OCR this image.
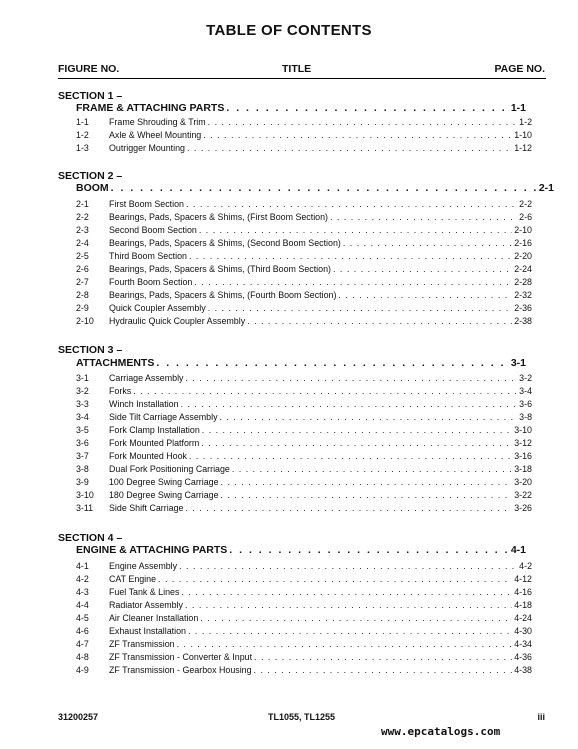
TABLE OF CONTENTS
FIGURE NO.	TITLE	PAGE NO.
SECTION 1 –
FRAME & ATTACHING PARTS . . .	1-1
1-1 Frame Shrouding & Trim . . .	1-2
1-2 Axle & Wheel Mounting . . .	1-10
1-3 Outrigger Mounting . . .	1-12
SECTION 2 –
BOOM . . .	2-1
2-1 First Boom Section . . .	2-2
2-2 Bearings, Pads, Spacers & Shims, (First Boom Section) . . .	2-6
2-3 Second Boom Section . . .	2-10
2-4 Bearings, Pads, Spacers & Shims, (Second Boom Section) . . .	2-16
2-5 Third Boom Section . . .	2-20
2-6 Bearings, Pads, Spacers & Shims, (Third Boom Section) . . .	2-24
2-7 Fourth Boom Section . . .	2-28
2-8 Bearings, Pads, Spacers & Shims, (Fourth Boom Section) . . .	2-32
2-9 Quick Coupler Assembly . . .	2-36
2-10 Hydraulic Quick Coupler Assembly . . .	2-38
SECTION 3 –
ATTACHMENTS . . .	3-1
3-1 Carriage Assembly . . .	3-2
3-2 Forks . . .	3-4
3-3 Winch Installation . . .	3-6
3-4 Side Tilt Carriage Assembly . . .	3-8
3-5 Fork Clamp Installation . . .	3-10
3-6 Fork Mounted Platform . . .	3-12
3-7 Fork Mounted Hook . . .	3-16
3-8 Dual Fork Positioning Carriage . . .	3-18
3-9 100 Degree Swing Carriage . . .	3-20
3-10 180 Degree Swing Carriage . . .	3-22
3-11 Side Shift Carriage . . .	3-26
SECTION 4 –
ENGINE & ATTACHING PARTS . . .	4-1
4-1 Engine Assembly . . .	4-2
4-2 CAT Engine . . .	4-12
4-3 Fuel Tank & Lines . . .	4-16
4-4 Radiator Assembly . . .	4-18
4-5 Air Cleaner Installation . . .	4-24
4-6 Exhaust Installation . . .	4-30
4-7 ZF Transmission . . .	4-34
4-8 ZF Transmission - Converter & Input . . .	4-36
4-9 ZF Transmission - Gearbox Housing . . .	4-38
31200257	TL1055, TL1255	iii
www.epcatalogs.com
